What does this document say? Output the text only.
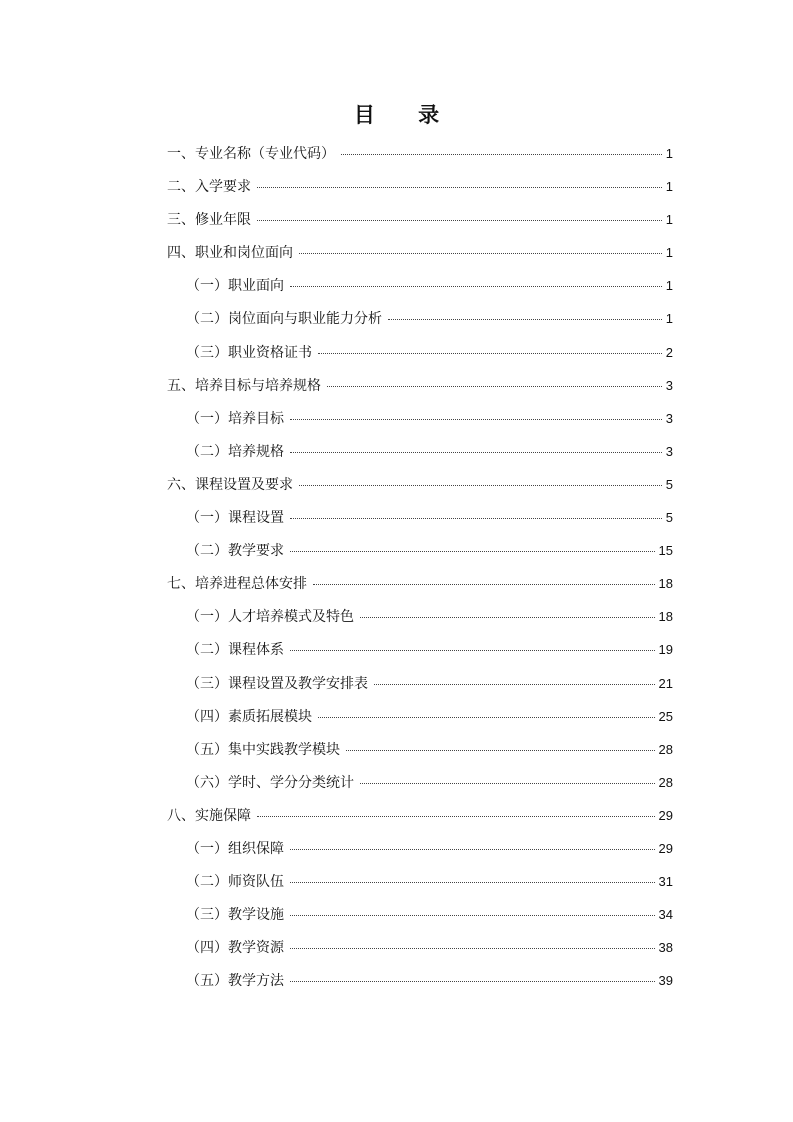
目 录
一、专业名称（专业代码）	1
二、入学要求	1
三、修业年限	1
四、职业和岗位面向	1
（一）职业面向	1
（二）岗位面向与职业能力分析	1
（三）职业资格证书	2
五、培养目标与培养规格	3
（一）培养目标	3
（二）培养规格	3
六、课程设置及要求	5
（一）课程设置	5
（二）教学要求	15
七、培养进程总体安排	18
（一）人才培养模式及特色	18
（二）课程体系	19
（三）课程设置及教学安排表	21
（四）素质拓展模块	25
（五）集中实践教学模块	28
（六）学时、学分分类统计	28
八、实施保障	29
（一）组织保障	29
（二）师资队伍	31
（三）教学设施	34
（四）教学资源	38
（五）教学方法	39
